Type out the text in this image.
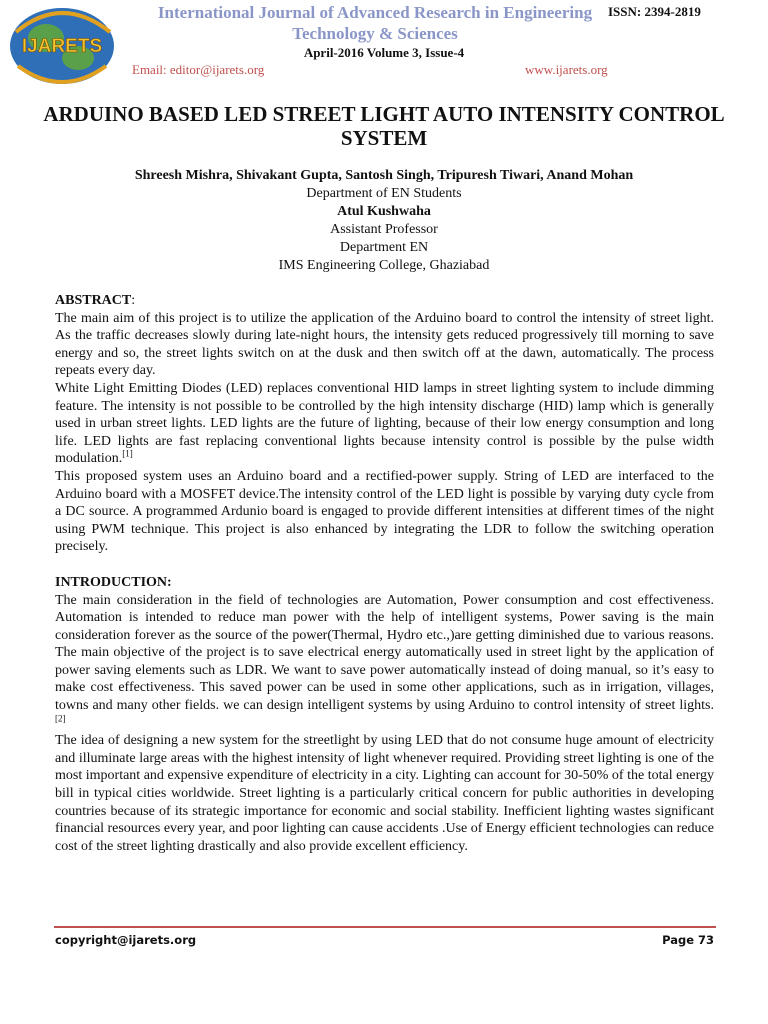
IJARETS
International Journal of Advanced Research in Engineering
Technology & Sciences
ISSN: 2394-2819
April-2016 Volume 3, Issue-4
Email: editor@ijarets.org	www.ijarets.org
ARDUINO BASED LED STREET LIGHT AUTO INTENSITY CONTROL
SYSTEM
Shreesh Mishra, Shivakant Gupta, Santosh Singh, Tripuresh Tiwari, Anand Mohan
Department of EN Students
Atul Kushwaha
Assistant Professor
Department EN
IMS Engineering College, Ghaziabad

ABSTRACT:

The main aim of this project is to utilize the application of the Arduino board to control the intensity of street light. As the traffic decreases slowly during late-night hours, the intensity gets reduced progressively till morning to save energy and so, the street lights switch on at the dusk and then switch off at the dawn, automatically. The process repeats every day.

White Light Emitting Diodes (LED) replaces conventional HID lamps in street lighting system to include dimming feature. The intensity is not possible to be controlled by the high intensity discharge (HID) lamp which is generally used in urban street lights. LED lights are the future of lighting, because of their low energy consumption and long life. LED lights are fast replacing conventional lights because intensity control is possible by the pulse width modulation.[1]

This proposed system uses an Arduino board and a rectified-power supply. String of LED are interfaced to the Arduino board with a MOSFET device.The intensity control of the LED light is possible by varying duty cycle from a DC source. A programmed Ardunio board is engaged to provide different intensities at different times of the night using PWM technique. This project is also enhanced by integrating the LDR to follow the switching operation precisely.

INTRODUCTION:

The main consideration in the field of technologies are Automation, Power consumption and cost effectiveness. Automation is intended to reduce man power with the help of intelligent systems, Power saving is the main consideration forever as the source of the power(Thermal, Hydro etc.,)are getting diminished due to various reasons. The main objective of the project is to save electrical energy automatically used in street light by the application of power saving elements such as LDR. We want to save power automatically instead of doing manual, so it’s easy to make cost effectiveness. This saved power can be used in some other applications, such as in irrigation, villages, towns and many other fields. we can design intelligent systems by using Arduino to control intensity of street lights.[2]

The idea of designing a new system for the streetlight by using LED that do not consume huge amount of electricity and illuminate large areas with the highest intensity of light whenever required. Providing street lighting is one of the most important and expensive expenditure of electricity in a city. Lighting can account for 30-50% of the total energy bill in typical cities worldwide. Street lighting is a particularly critical concern for public authorities in developing countries because of its strategic importance for economic and social stability. Inefficient lighting wastes significant financial resources every year, and poor lighting can cause accidents .Use of Energy efficient technologies can reduce cost of the street lighting drastically and also provide excellent efficiency.

copyright@ijarets.org	Page 73
